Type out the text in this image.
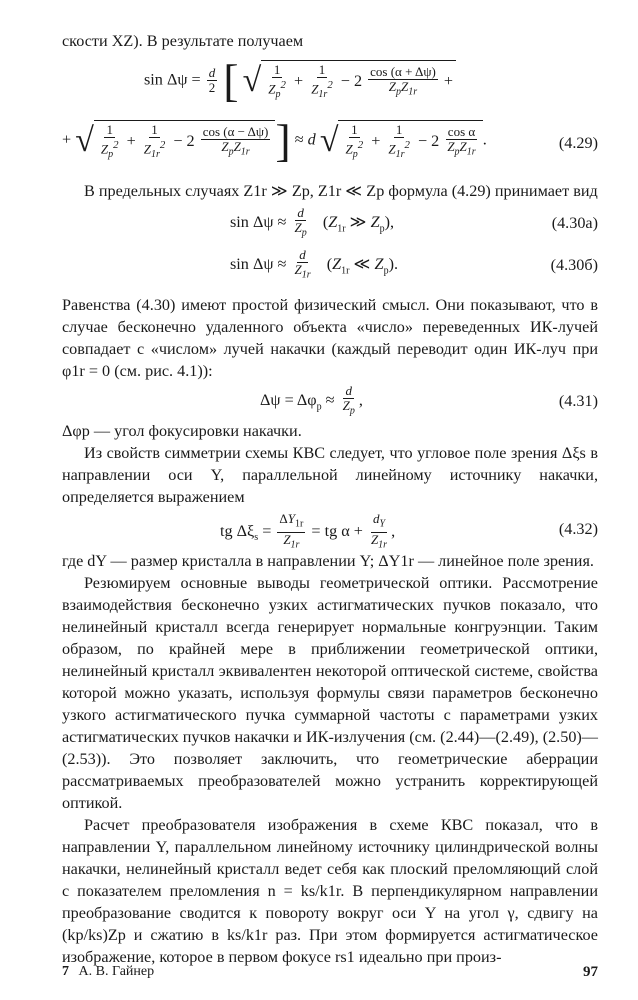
скости XZ). В результате получаем

$\sin \Delta\psi = \frac{d}{2}$ [ √ $\frac{1}{Z_p^2} + \frac{1}{Z_{1r}^2} - 2 \frac{\cos (\alpha + \Delta\psi)}{Z_pZ_{1r}}$ +
+ √ $\frac{1}{Z_p^2} + \frac{1}{Z_{1r}^2} - 2 \frac{\cos (\alpha - \Delta\psi)}{Z_pZ_{1r}}$ ] ≈ d √ $\frac{1}{Z_p^2} + \frac{1}{Z_{1r}^2} - 2 \frac{\text{cos α}}{Z_pZ_{1r}}$ .	(4.29)

В предельных случаях Z1r ≫ Zp, Z1r ≪ Zp формула (4.29) принимает вид

$\sin \Delta\psi \approx \frac{d}{Z_p} (Z_{1r}$ ≫ $Z_p$),	(4.30а)
$\sin \Delta\psi \approx \frac{d}{Z_{1r}} (Z_{1r}$ ≪ $Z_p$).	(4.30б)

Равенства (4.30) имеют простой физический смысл. Они показывают, что в случае бесконечно удаленного объекта «число» переведенных ИК-лучей совпадает с «числом» лучей накачки (каждый переводит один ИК-луч при φ1r = 0 (см. рис. 4.1)):

$\Delta\psi = \Delta\varphi_p \approx \frac{d}{Z_p}$ ,	(4.31)

Δφp — угол фокусировки накачки.

Из свойств симметрии схемы КВС следует, что угловое поле зрения Δξs в направлении оси Y, параллельной линейному источнику накачки, определяется выражением

tg $\Delta\xi_s = \frac{\Delta Y_{1r}}{Z_{1r}}$ = tg $\alpha + \frac{d_Y}{Z_{1r}}$ ,	(4.32)

где dY — размер кристалла в направлении Y; ΔY1r — линейное поле зрения.

Резюмируем основные выводы геометрической оптики. Рассмотрение взаимодействия бесконечно узких астигматических пучков показало, что нелинейный кристалл всегда генерирует нормальные конгруэнции. Таким образом, по крайней мере в приближении геометрической оптики, нелинейный кристалл эквивалентен некоторой оптической системе, свойства которой можно указать, используя формулы связи параметров бесконечно узкого астигматического пучка суммарной частоты с параметрами узких астигматических пучков накачки и ИК-излучения (см. (2.44)—(2.49), (2.50)—(2.53)). Это позволяет заключить, что геометрические аберрации рассматриваемых преобразователей можно устранить корректирующей оптикой.

Расчет преобразователя изображения в схеме КВС показал, что в направлении Y, параллельном линейному источнику цилиндрической волны накачки, нелинейный кристалл ведет себя как плоский преломляющий слой с показателем преломления n = ks/k1r. В перпендикулярном направлении преобразование сводится к повороту вокруг оси Y на угол γ, сдвигу на (kp/ks)Zp и сжатию в ks/k1r раз. При этом формируется астигматическое изображение, которое в первом фокусе rs1 идеально при произ-

7 А. В. Гайнер	97
